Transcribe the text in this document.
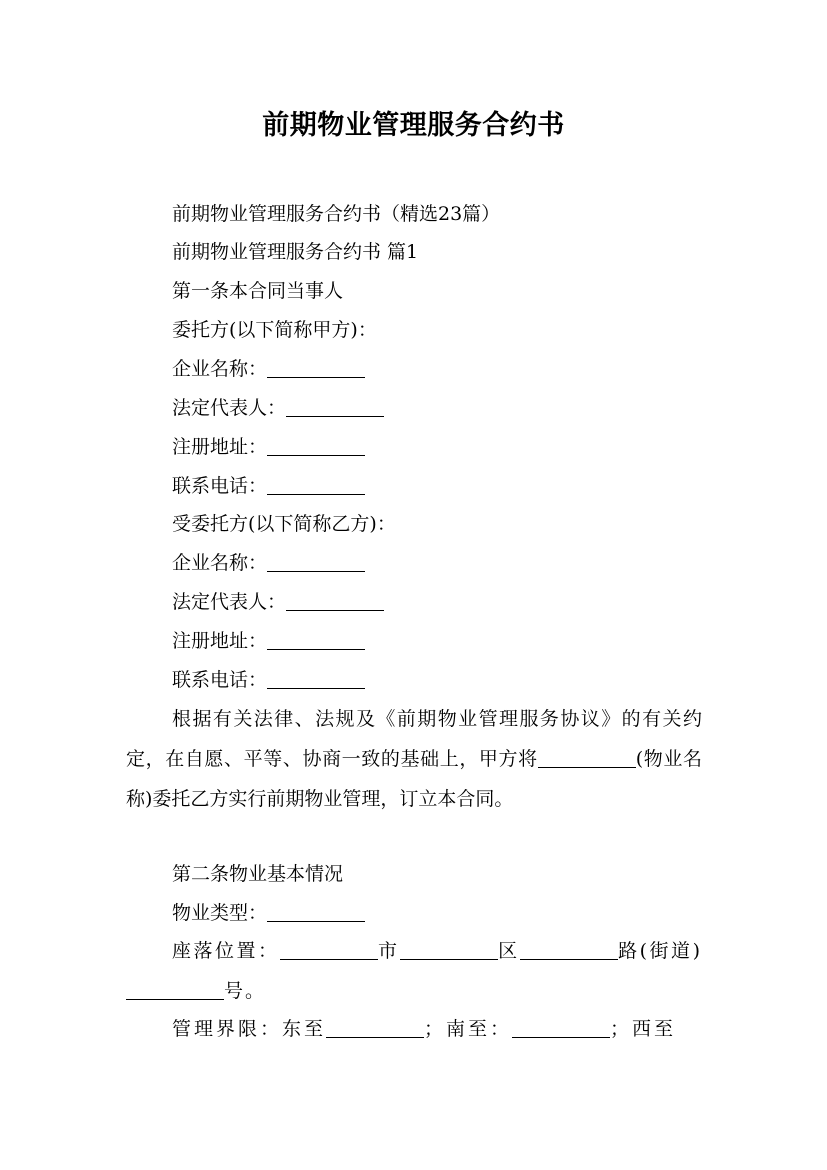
前期物业管理服务合约书
前期物业管理服务合约书（精选23篇）
前期物业管理服务合约书 篇1
第一条本合同当事人
委托方(以下简称甲方)：
企业名称：
法定代表人：
注册地址：
联系电话：
受委托方(以下简称乙方)：
企业名称：
法定代表人：
注册地址：
联系电话：
根据有关法律、法规及《前期物业管理服务协议》的有关约定，在自愿、平等、协商一致的基础上，甲方将	(物业名称)委托乙方实行前期物业管理，订立本合同。
第二条物业基本情况
物业类型：
座落位置：	市	区	路(街道)号。
管理界限：东至	；南至：	；西至
